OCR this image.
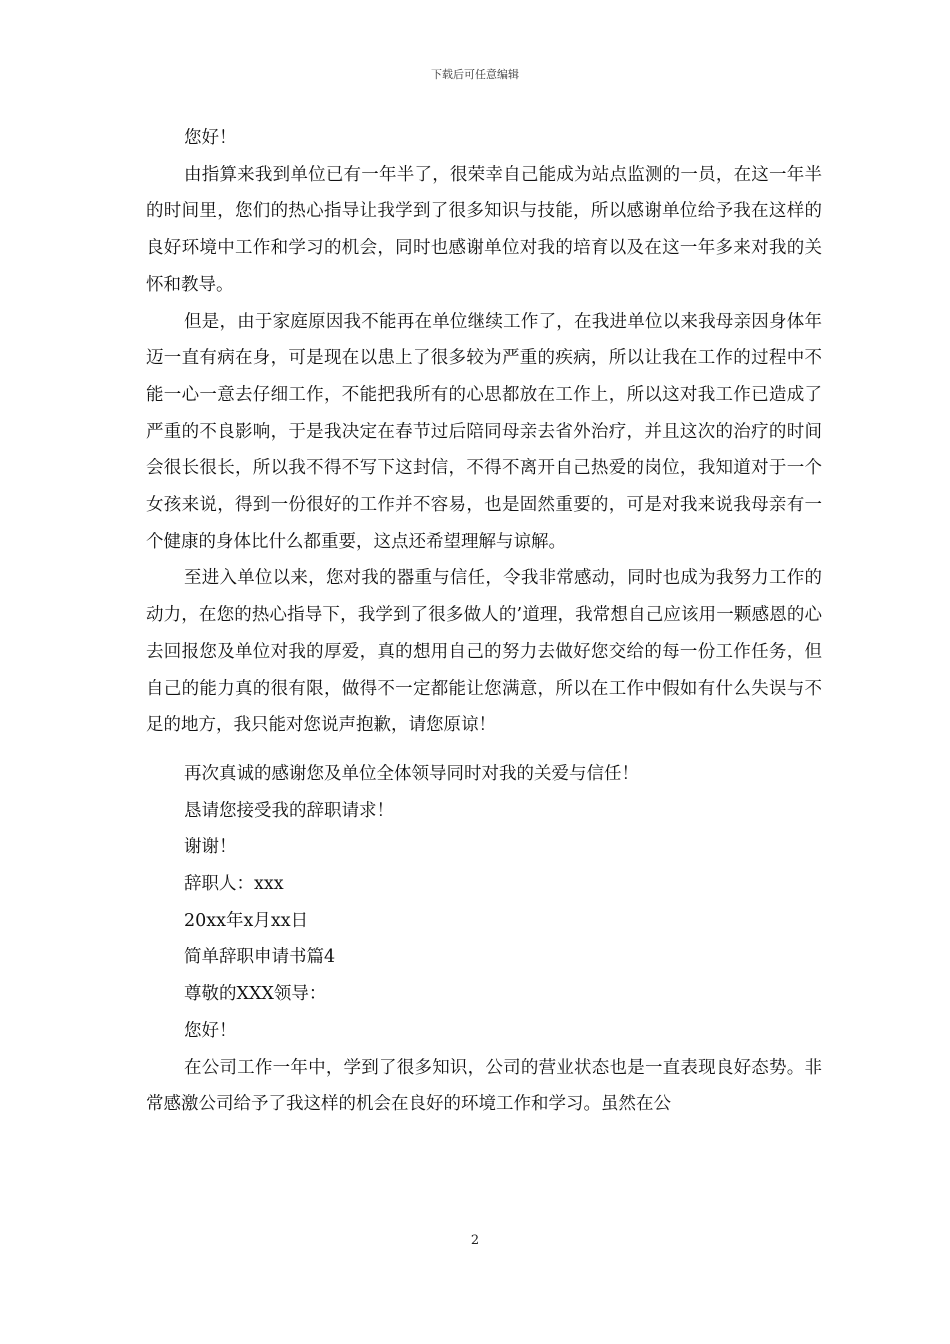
下载后可任意编辑

您好！

由指算来我到单位已有一年半了，很荣幸自己能成为站点监测的一员，在这一年半的时间里，您们的热心指导让我学到了很多知识与技能，所以感谢单位给予我在这样的良好环境中工作和学习的机会，同时也感谢单位对我的培育以及在这一年多来对我的关怀和教导。

但是，由于家庭原因我不能再在单位继续工作了，在我进单位以来我母亲因身体年迈一直有病在身，可是现在以患上了很多较为严重的疾病，所以让我在工作的过程中不能一心一意去仔细工作，不能把我所有的心思都放在工作上，所以这对我工作已造成了严重的不良影响，于是我决定在春节过后陪同母亲去省外治疗，并且这次的治疗的时间会很长很长，所以我不得不写下这封信，不得不离开自己热爱的岗位，我知道对于一个女孩来说，得到一份很好的工作并不容易，也是固然重要的，可是对我来说我母亲有一个健康的身体比什么都重要，这点还希望理解与谅解。

至进入单位以来，您对我的器重与信任，令我非常感动，同时也成为我努力工作的动力，在您的热心指导下，我学到了很多做人的’道理，我常想自己应该用一颗感恩的心去回报您及单位对我的厚爱，真的想用自己的努力去做好您交给的每一份工作任务，但自己的能力真的很有限，做得不一定都能让您满意，所以在工作中假如有什么失误与不足的地方，我只能对您说声抱歉，请您原谅！

再次真诚的感谢您及单位全体领导同时对我的关爱与信任！

恳请您接受我的辞职请求！

谢谢！

辞职人：xxx

20xx年x月xx日

简单辞职申请书篇4

尊敬的XXX领导：

您好！

在公司工作一年中，学到了很多知识，公司的营业状态也是一直表现良好态势。非常感激公司给予了我这样的机会在良好的环境工作和学习。虽然在公

2
